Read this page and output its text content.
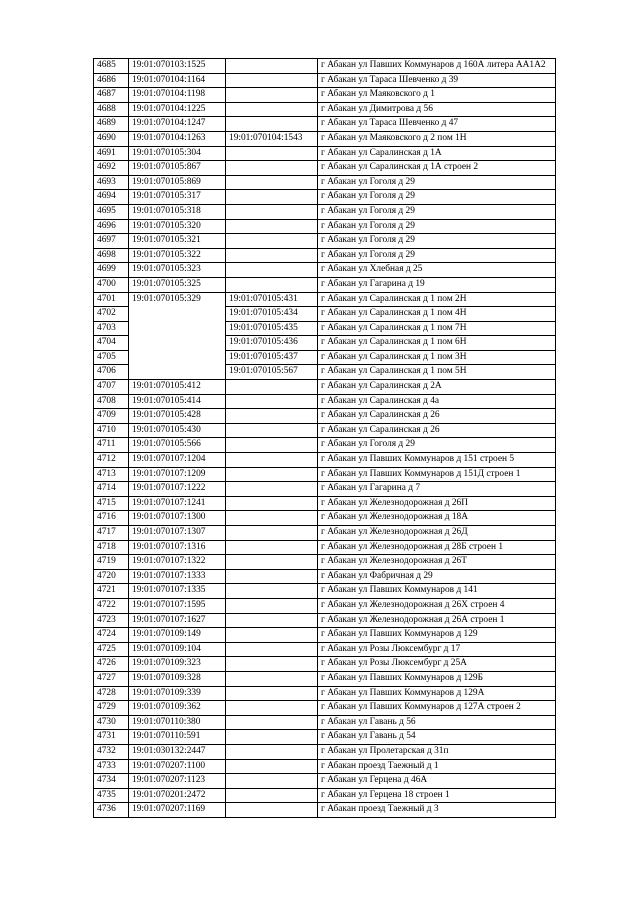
4685	19:01:070103:1525		г Абакан ул Павших Коммунаров д 160А литера АА1А2
4686	19:01:070104:1164		г Абакан ул Тараса Шевченко д 39
4687	19:01:070104:1198		г Абакан ул Маяковского д 1
4688	19:01:070104:1225		г Абакан ул Димитрова д 56
4689	19:01:070104:1247		г Абакан ул Тараса Шевченко д 47
4690	19:01:070104:1263	19:01:070104:1543	г Абакан ул Маяковского д 2 пом 1Н
4691	19:01:070105:304		г Абакан ул Саралинская д 1А
4692	19:01:070105:867		г Абакан ул Саралинская д 1А строен 2
4693	19:01:070105:869		г Абакан ул Гоголя д 29
4694	19:01:070105:317		г Абакан ул Гоголя д 29
4695	19:01:070105:318		г Абакан ул Гоголя д 29
4696	19:01:070105:320		г Абакан ул Гоголя д 29
4697	19:01:070105:321		г Абакан ул Гоголя д 29
4698	19:01:070105:322		г Абакан ул Гоголя д 29
4699	19:01:070105:323		г Абакан ул Хлебная д 25
4700	19:01:070105:325		г Абакан ул Гагарина д 19
4701	19:01:070105:329	19:01:070105:431	г Абакан ул Саралинская д 1 пом 2Н
4702		19:01:070105:434	г Абакан ул Саралинская д 1 пом 4Н
4703		19:01:070105:435	г Абакан ул Саралинская д 1 пом 7Н
4704		19:01:070105:436	г Абакан ул Саралинская д 1 пом 6Н
4705		19:01:070105:437	г Абакан ул Саралинская д 1 пом 3Н
4706		19:01:070105:567	г Абакан ул Саралинская д 1 пом 5Н
4707	19:01:070105:412		г Абакан ул Саралинская д 2А
4708	19:01:070105:414		г Абакан ул Саралинская д 4а
4709	19:01:070105:428		г Абакан ул Саралинская д 26
4710	19:01:070105:430		г Абакан ул Саралинская д 26
4711	19:01:070105:566		г Абакан ул Гоголя д 29
4712	19:01:070107:1204		г Абакан ул Павших Коммунаров д 151 строен 5
4713	19:01:070107:1209		г Абакан ул Павших Коммунаров д 151Д строен 1
4714	19:01:070107:1222		г Абакан ул Гагарина д 7
4715	19:01:070107:1241		г Абакан ул Железнодорожная д 26П
4716	19:01:070107:1300		г Абакан ул Железнодорожная д 18А
4717	19:01:070107:1307		г Абакан ул Железнодорожная д 26Д
4718	19:01:070107:1316		г Абакан ул Железнодорожная д 28Б строен 1
4719	19:01:070107:1322		г Абакан ул Железнодорожная д 26Т
4720	19:01:070107:1333		г Абакан ул Фабричная д 29
4721	19:01:070107:1335		г Абакан ул Павших Коммунаров д 141
4722	19:01:070107:1595		г Абакан ул Железнодорожная д 26Х строен 4
4723	19:01:070107:1627		г Абакан ул Железнодорожная д 26А строен 1
4724	19:01:070109:149		г Абакан ул Павших Коммунаров д 129
4725	19:01:070109:104		г Абакан ул Розы Люксембург д 17
4726	19:01:070109:323		г Абакан ул Розы Люксембург д 25А
4727	19:01:070109:328		г Абакан ул Павших Коммунаров д 129Б
4728	19:01:070109:339		г Абакан ул Павших Коммунаров д 129А
4729	19:01:070109:362		г Абакан ул Павших Коммунаров д 127А строен 2
4730	19:01:070110:380		г Абакан ул Гавань д 56
4731	19:01:070110:591		г Абакан ул Гавань д 54
4732	19:01:030132:2447		г Абакан ул Пролетарская д 31п
4733	19:01:070207:1100		г Абакан проезд Таежный д 1
4734	19:01:070207:1123		г Абакан ул Герцена д 46А
4735	19:01:070201:2472		г Абакан ул Герцена 18 строен 1
4736	19:01:070207:1169		г Абакан проезд Таежный д 3
